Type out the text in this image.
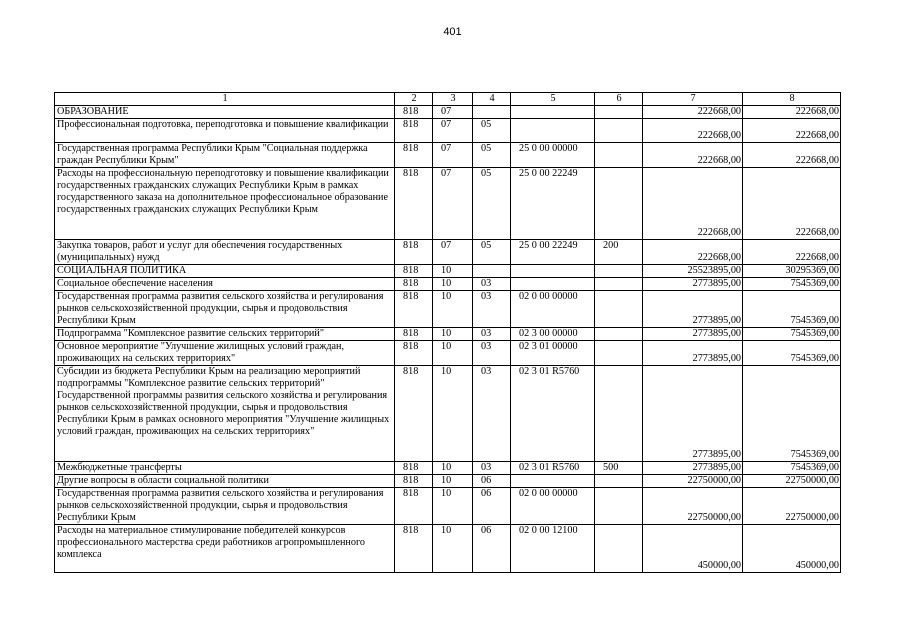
401
1	2	3	4	5	6	7	8
ОБРАЗОВАНИЕ	818	07				222668,00	222668,00
Профессиональная подготовка, переподготовка и повышение квалификации	818	07	05			222668,00	222668,00
Государственная программа Республики Крым "Социальная поддержка граждан Республики Крым"	818	07	05	25 0 00 00000		222668,00	222668,00
Расходы на профессиональную переподготовку и повышение квалификации государственных гражданских служащих Республики Крым в рамках государственного заказа на дополнительное профессиональное образование государственных гражданских служащих Республики Крым	818	07	05	25 0 00 22249		222668,00	222668,00
Закупка товаров, работ и услуг для обеспечения государственных (муниципальных) нужд	818	07	05	25 0 00 22249	200	222668,00	222668,00
СОЦИАЛЬНАЯ ПОЛИТИКА	818	10				25523895,00	30295369,00
Социальное обеспечение населения	818	10	03			2773895,00	7545369,00
Государственная программа развития сельского хозяйства и регулирования рынков сельскохозяйственной продукции, сырья и продовольствия Республики Крым	818	10	03	02 0 00 00000		2773895,00	7545369,00
Подпрограмма "Комплексное развитие сельских территорий"	818	10	03	02 3 00 00000		2773895,00	7545369,00
Основное мероприятие "Улучшение жилищных условий граждан, проживающих на сельских территориях"	818	10	03	02 3 01 00000		2773895,00	7545369,00
Субсидии из бюджета Республики Крым на реализацию мероприятий подпрограммы "Комплексное развитие сельских территорий" Государственной программы развития сельского хозяйства и регулирования рынков сельскохозяйственной продукции, сырья и продовольствия Республики Крым в рамках основного мероприятия "Улучшение жилищных условий граждан, проживающих на сельских территориях"	818	10	03	02 3 01 R5760		2773895,00	7545369,00
Межбюджетные трансферты	818	10	03	02 3 01 R5760	500	2773895,00	7545369,00
Другие вопросы в области социальной политики	818	10	06			22750000,00	22750000,00
Государственная программа развития сельского хозяйства и регулирования рынков сельскохозяйственной продукции, сырья и продовольствия Республики Крым	818	10	06	02 0 00 00000		22750000,00	22750000,00
Расходы на материальное стимулирование победителей конкурсов профессионального мастерства среди работников агропромышленного комплекса	818	10	06	02 0 00 12100		450000,00	450000,00
